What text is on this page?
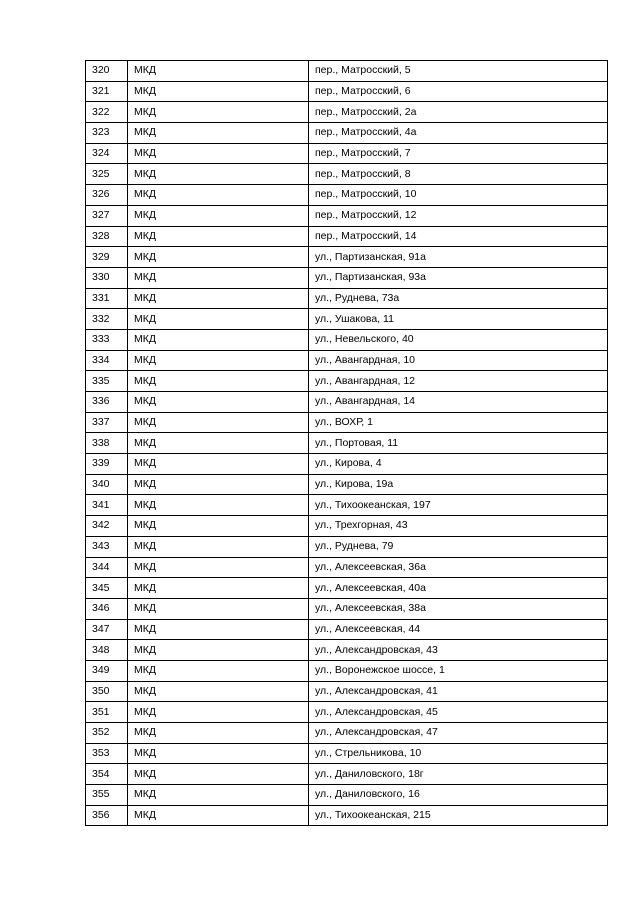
320	МКД	пер., Матросский, 5
321	МКД	пер., Матросский, 6
322	МКД	пер., Матросский, 2а
323	МКД	пер., Матросский, 4а
324	МКД	пер., Матросский, 7
325	МКД	пер., Матросский, 8
326	МКД	пер., Матросский, 10
327	МКД	пер., Матросский, 12
328	МКД	пер., Матросский, 14
329	МКД	ул., Партизанская, 91а
330	МКД	ул., Партизанская, 93а
331	МКД	ул., Руднева, 73а
332	МКД	ул., Ушакова, 11
333	МКД	ул., Невельского, 40
334	МКД	ул., Авангардная, 10
335	МКД	ул., Авангардная, 12
336	МКД	ул., Авангардная, 14
337	МКД	ул., ВОХР, 1
338	МКД	ул., Портовая, 11
339	МКД	ул., Кирова, 4
340	МКД	ул., Кирова, 19а
341	МКД	ул., Тихоокеанская, 197
342	МКД	ул., Трехгорная, 43
343	МКД	ул., Руднева, 79
344	МКД	ул., Алексеевская, 36а
345	МКД	ул., Алексеевская, 40а
346	МКД	ул., Алексеевская, 38а
347	МКД	ул., Алексеевская, 44
348	МКД	ул., Александровская, 43
349	МКД	ул., Воронежское шоссе, 1
350	МКД	ул., Александровская, 41
351	МКД	ул., Александровская, 45
352	МКД	ул., Александровская, 47
353	МКД	ул., Стрельникова, 10
354	МКД	ул., Даниловского, 18г
355	МКД	ул., Даниловского, 16
356	МКД	ул., Тихоокеанская, 215
